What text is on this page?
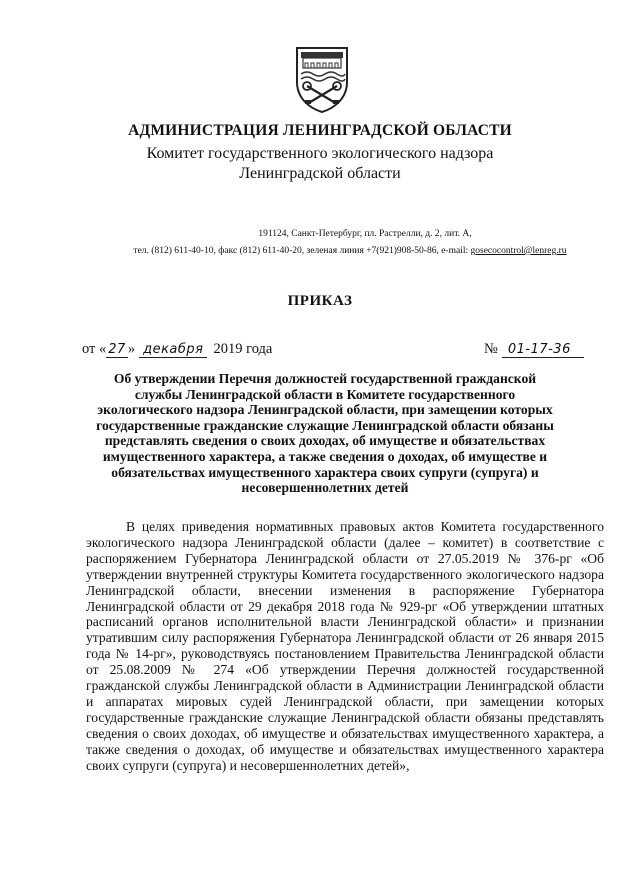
АДМИНИСТРАЦИЯ ЛЕНИНГРАДСКОЙ ОБЛАСТИ
Комитет государственного экологического надзора
Ленинградской области
191124, Санкт-Петербург, пл. Растрелли, д. 2, лит. А,
тел. (812) 611-40-10, факс (812) 611-40-20, зеленая линия +7(921)908-50-86, e-mail: gosecocontrol@lenreg.ru
ПРИКАЗ
от « 27 » декабря 2019 года	№ 01-17-36
Об утверждении Перечня должностей государственной гражданской службы Ленинградской области в Комитете государственного экологического надзора Ленинградской области, при замещении которых государственные гражданские служащие Ленинградской области обязаны представлять сведения о своих доходах, об имуществе и обязательствах имущественного характера, а также сведения о доходах, об имуществе и обязательствах имущественного характера своих супруги (супруга) и несовершеннолетних детей
В целях приведения нормативных правовых актов Комитета государственного экологического надзора Ленинградской области (далее – комитет) в соответствие с распоряжением Губернатора Ленинградской области от 27.05.2019 № 376-рг «Об утверждении внутренней структуры Комитета государственного экологического надзора Ленинградской области, внесении изменения в распоряжение Губернатора Ленинградской области от 29 декабря 2018 года № 929-рг «Об утверждении штатных расписаний органов исполнительной власти Ленинградской области» и признании утратившим силу распоряжения Губернатора Ленинградской области от 26 января 2015 года № 14-рг», руководствуясь постановлением Правительства Ленинградской области от 25.08.2009 № 274 «Об утверждении Перечня должностей государственной гражданской службы Ленинградской области в Администрации Ленинградской области и аппаратах мировых судей Ленинградской области, при замещении которых государственные гражданские служащие Ленинградской области обязаны представлять сведения о своих доходах, об имуществе и обязательствах имущественного характера, а также сведения о доходах, об имуществе и обязательствах имущественного характера своих супруги (супруга) и несовершеннолетних детей»,
